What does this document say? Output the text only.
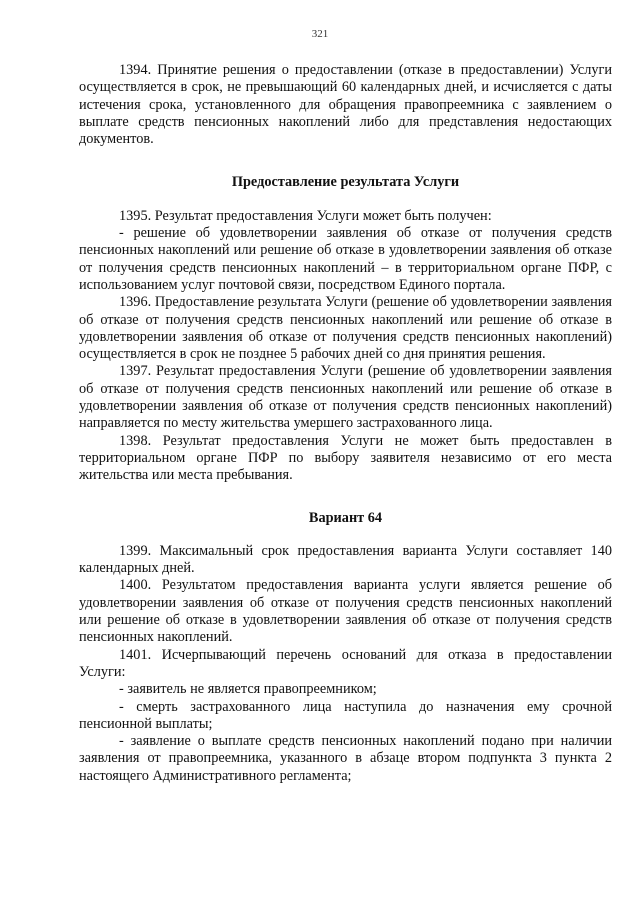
321

1394. Принятие решения о предоставлении (отказе в предоставлении) Услуги осуществляется в срок, не превышающий 60 календарных дней, и исчисляется с даты истечения срока, установленного для обращения правопреемника с заявлением о выплате средств пенсионных накоплений либо для представления недостающих документов.

Предоставление результата Услуги

1395. Результат предоставления Услуги может быть получен:

- решение об удовлетворении заявления об отказе от получения средств пенсионных накоплений или решение об отказе в удовлетворении заявления об отказе от получения средств пенсионных накоплений – в территориальном органе ПФР, с использованием услуг почтовой связи, посредством Единого портала.

1396. Предоставление результата Услуги (решение об удовлетворении заявления об отказе от получения средств пенсионных накоплений или решение об отказе в удовлетворении заявления об отказе от получения средств пенсионных накоплений) осуществляется в срок не позднее 5 рабочих дней со дня принятия решения.

1397. Результат предоставления Услуги (решение об удовлетворении заявления об отказе от получения средств пенсионных накоплений или решение об отказе в удовлетворении заявления об отказе от получения средств пенсионных накоплений) направляется по месту жительства умершего застрахованного лица.

1398. Результат предоставления Услуги не может быть предоставлен в территориальном органе ПФР по выбору заявителя независимо от его места жительства или места пребывания.

Вариант 64

1399. Максимальный срок предоставления варианта Услуги составляет 140 календарных дней.

1400. Результатом предоставления варианта услуги является решение об удовлетворении заявления об отказе от получения средств пенсионных накоплений или решение об отказе в удовлетворении заявления об отказе от получения средств пенсионных накоплений.

1401. Исчерпывающий перечень оснований для отказа в предоставлении Услуги:

- заявитель не является правопреемником;

- смерть застрахованного лица наступила до назначения ему срочной пенсионной выплаты;

- заявление о выплате средств пенсионных накоплений подано при наличии заявления от правопреемника, указанного в абзаце втором подпункта 3 пункта 2 настоящего Административного регламента;
